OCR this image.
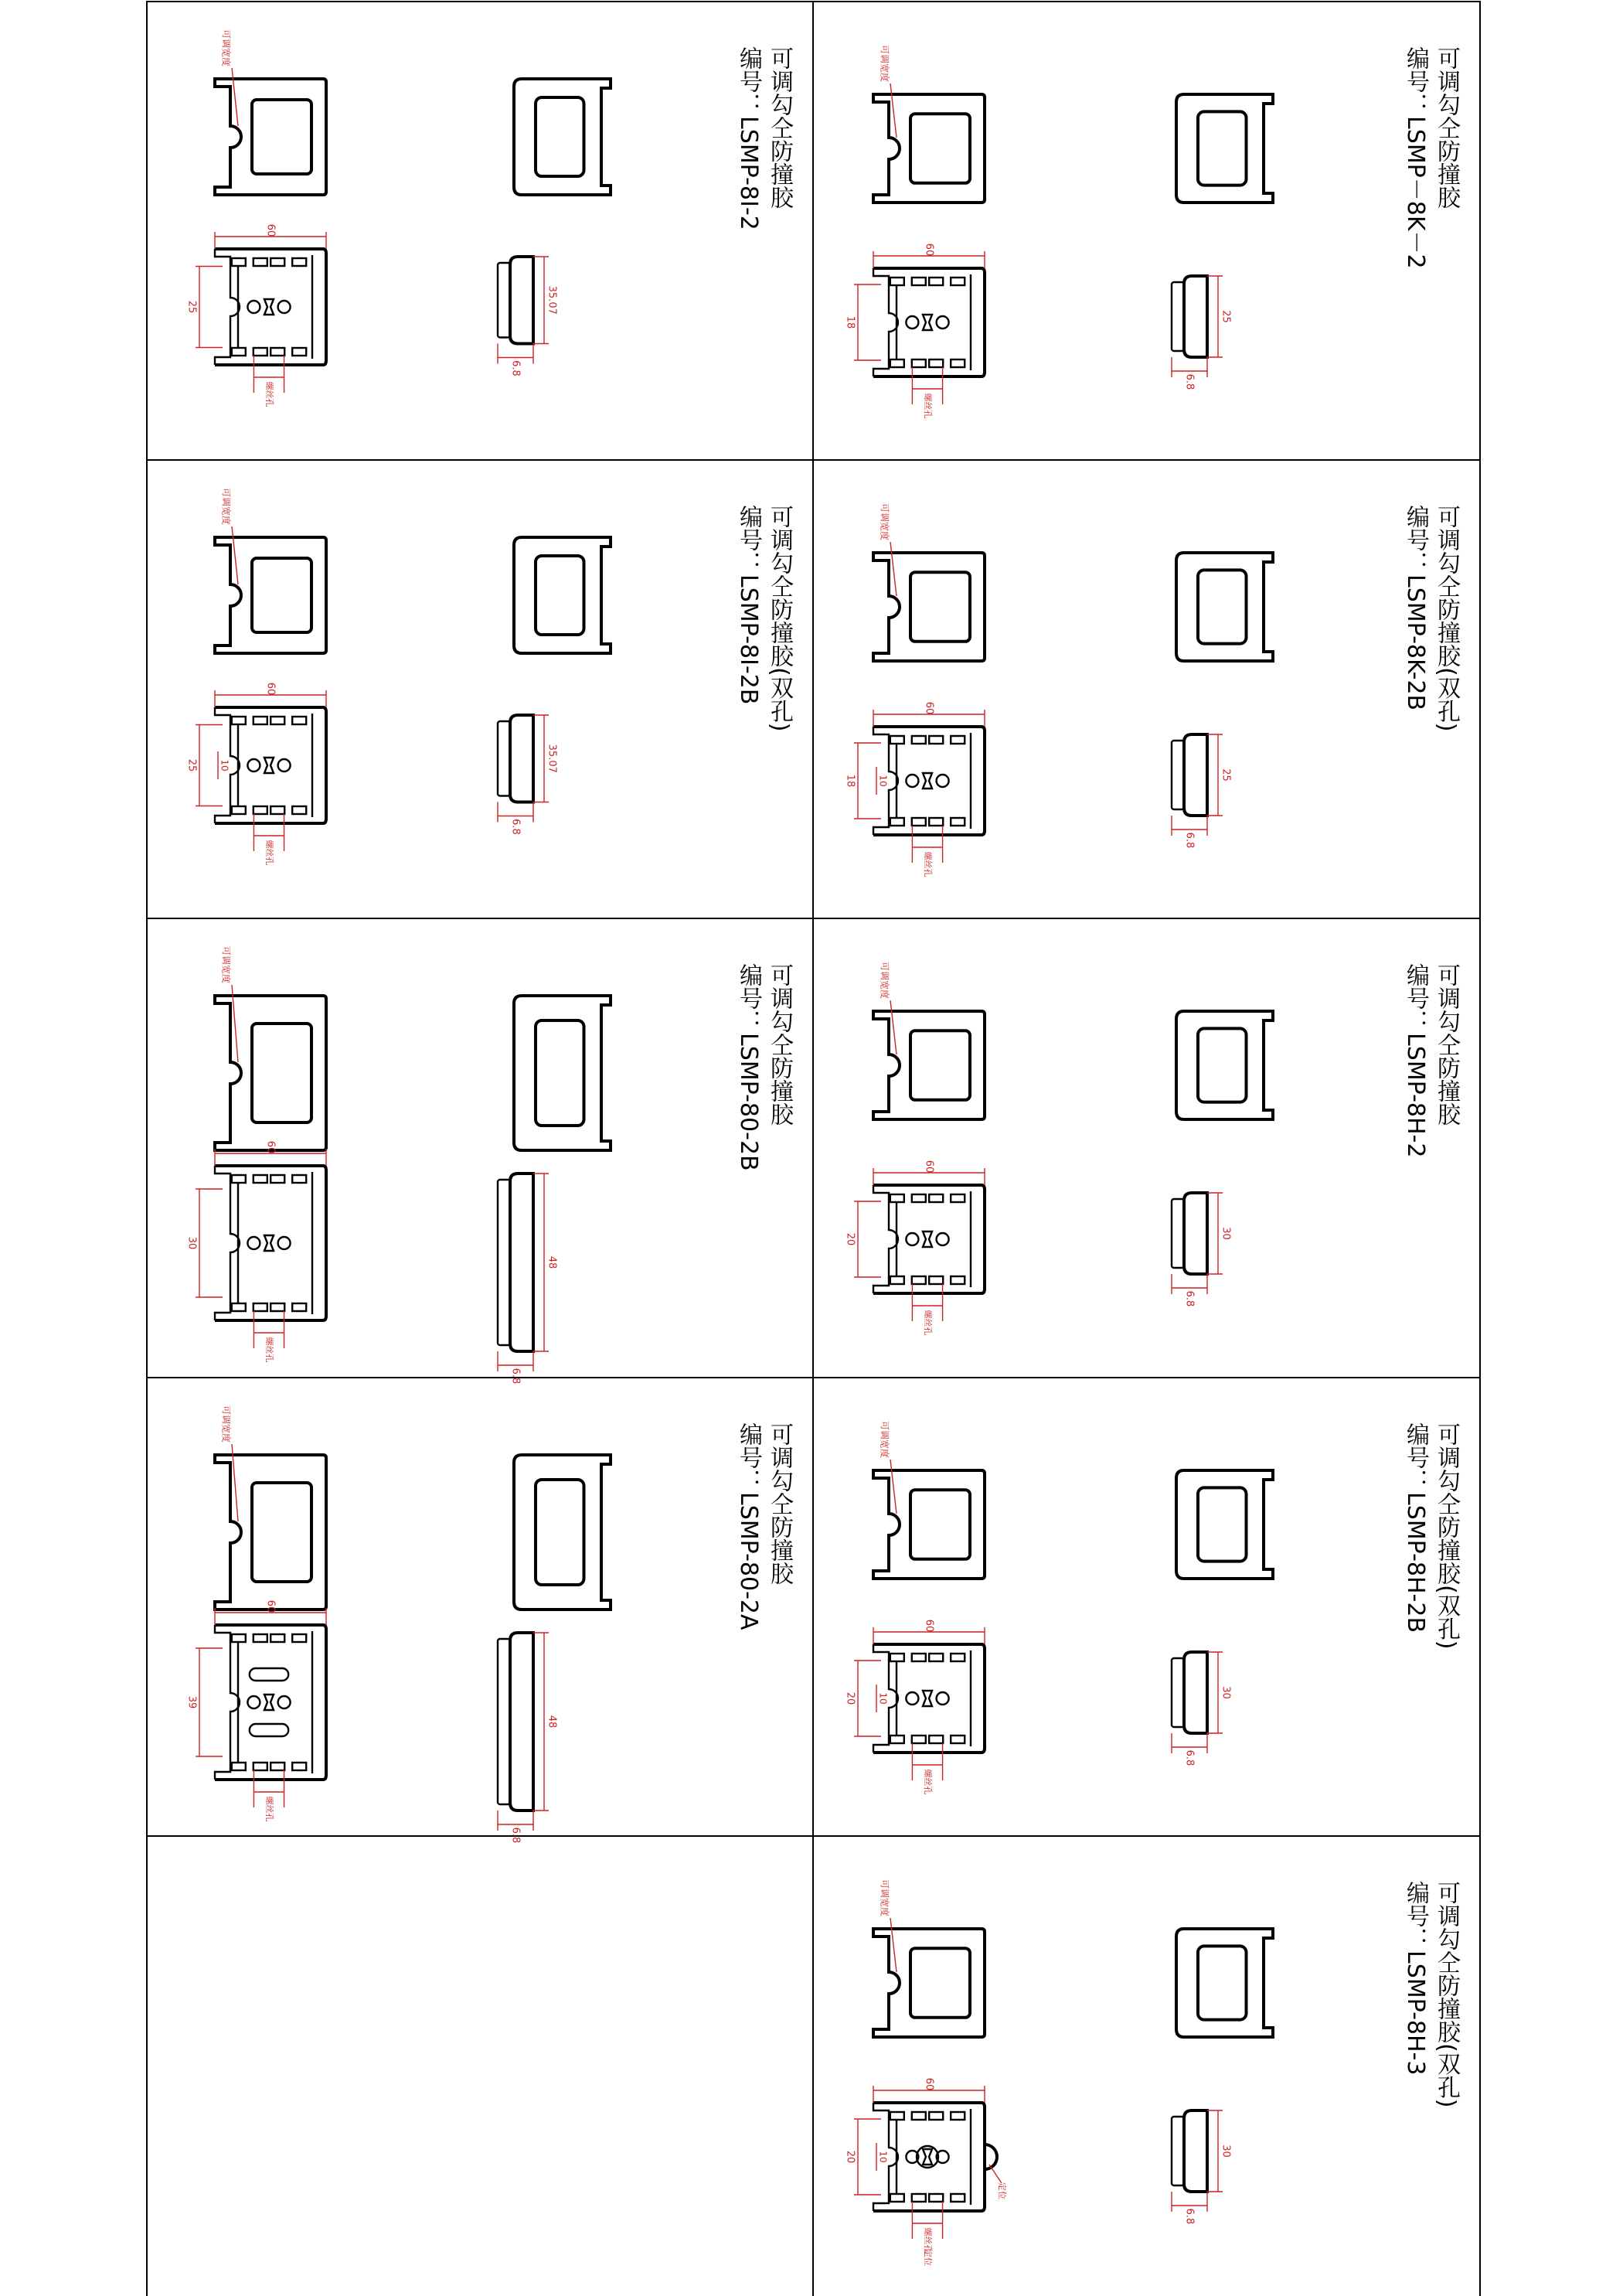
可调勾仝防撞胶
编号：LSMP－8K－2
60
18
螺丝孔
25
6.8
可调宽度
可调勾仝防撞胶(双孔)
编号：LSMP-8K-2B
60
18 10
螺丝孔
25
6.8
可调宽度
可调勾仝防撞胶
编号：LSMP-8H-2
60
20
螺丝孔
30
6.8
可调宽度
可调勾仝防撞胶(双孔)
编号：LSMP-8H-2B
60
20 10
螺丝孔
30
6.8
可调宽度
可调勾仝防撞胶(双孔)
编号：LSMP-8H-3
60
20 10
螺丝孔
定位
定位
30
6.8
可调宽度
可调勾仝防撞胶
编号：LSMP-8I-2
60
25
螺丝孔
35.07
6.8
可调宽度
可调勾仝防撞胶(双孔)
编号：LSMP-8I-2B
60
25 10
螺丝孔
35.07
6.8
可调宽度
可调勾仝防撞胶
编号：LSMP-80-2B
60
30
螺丝孔
48
6.8
可调宽度
可调勾仝防撞胶
编号：LSMP-80-2A
60
39
螺丝孔
48
6.8
可调宽度
